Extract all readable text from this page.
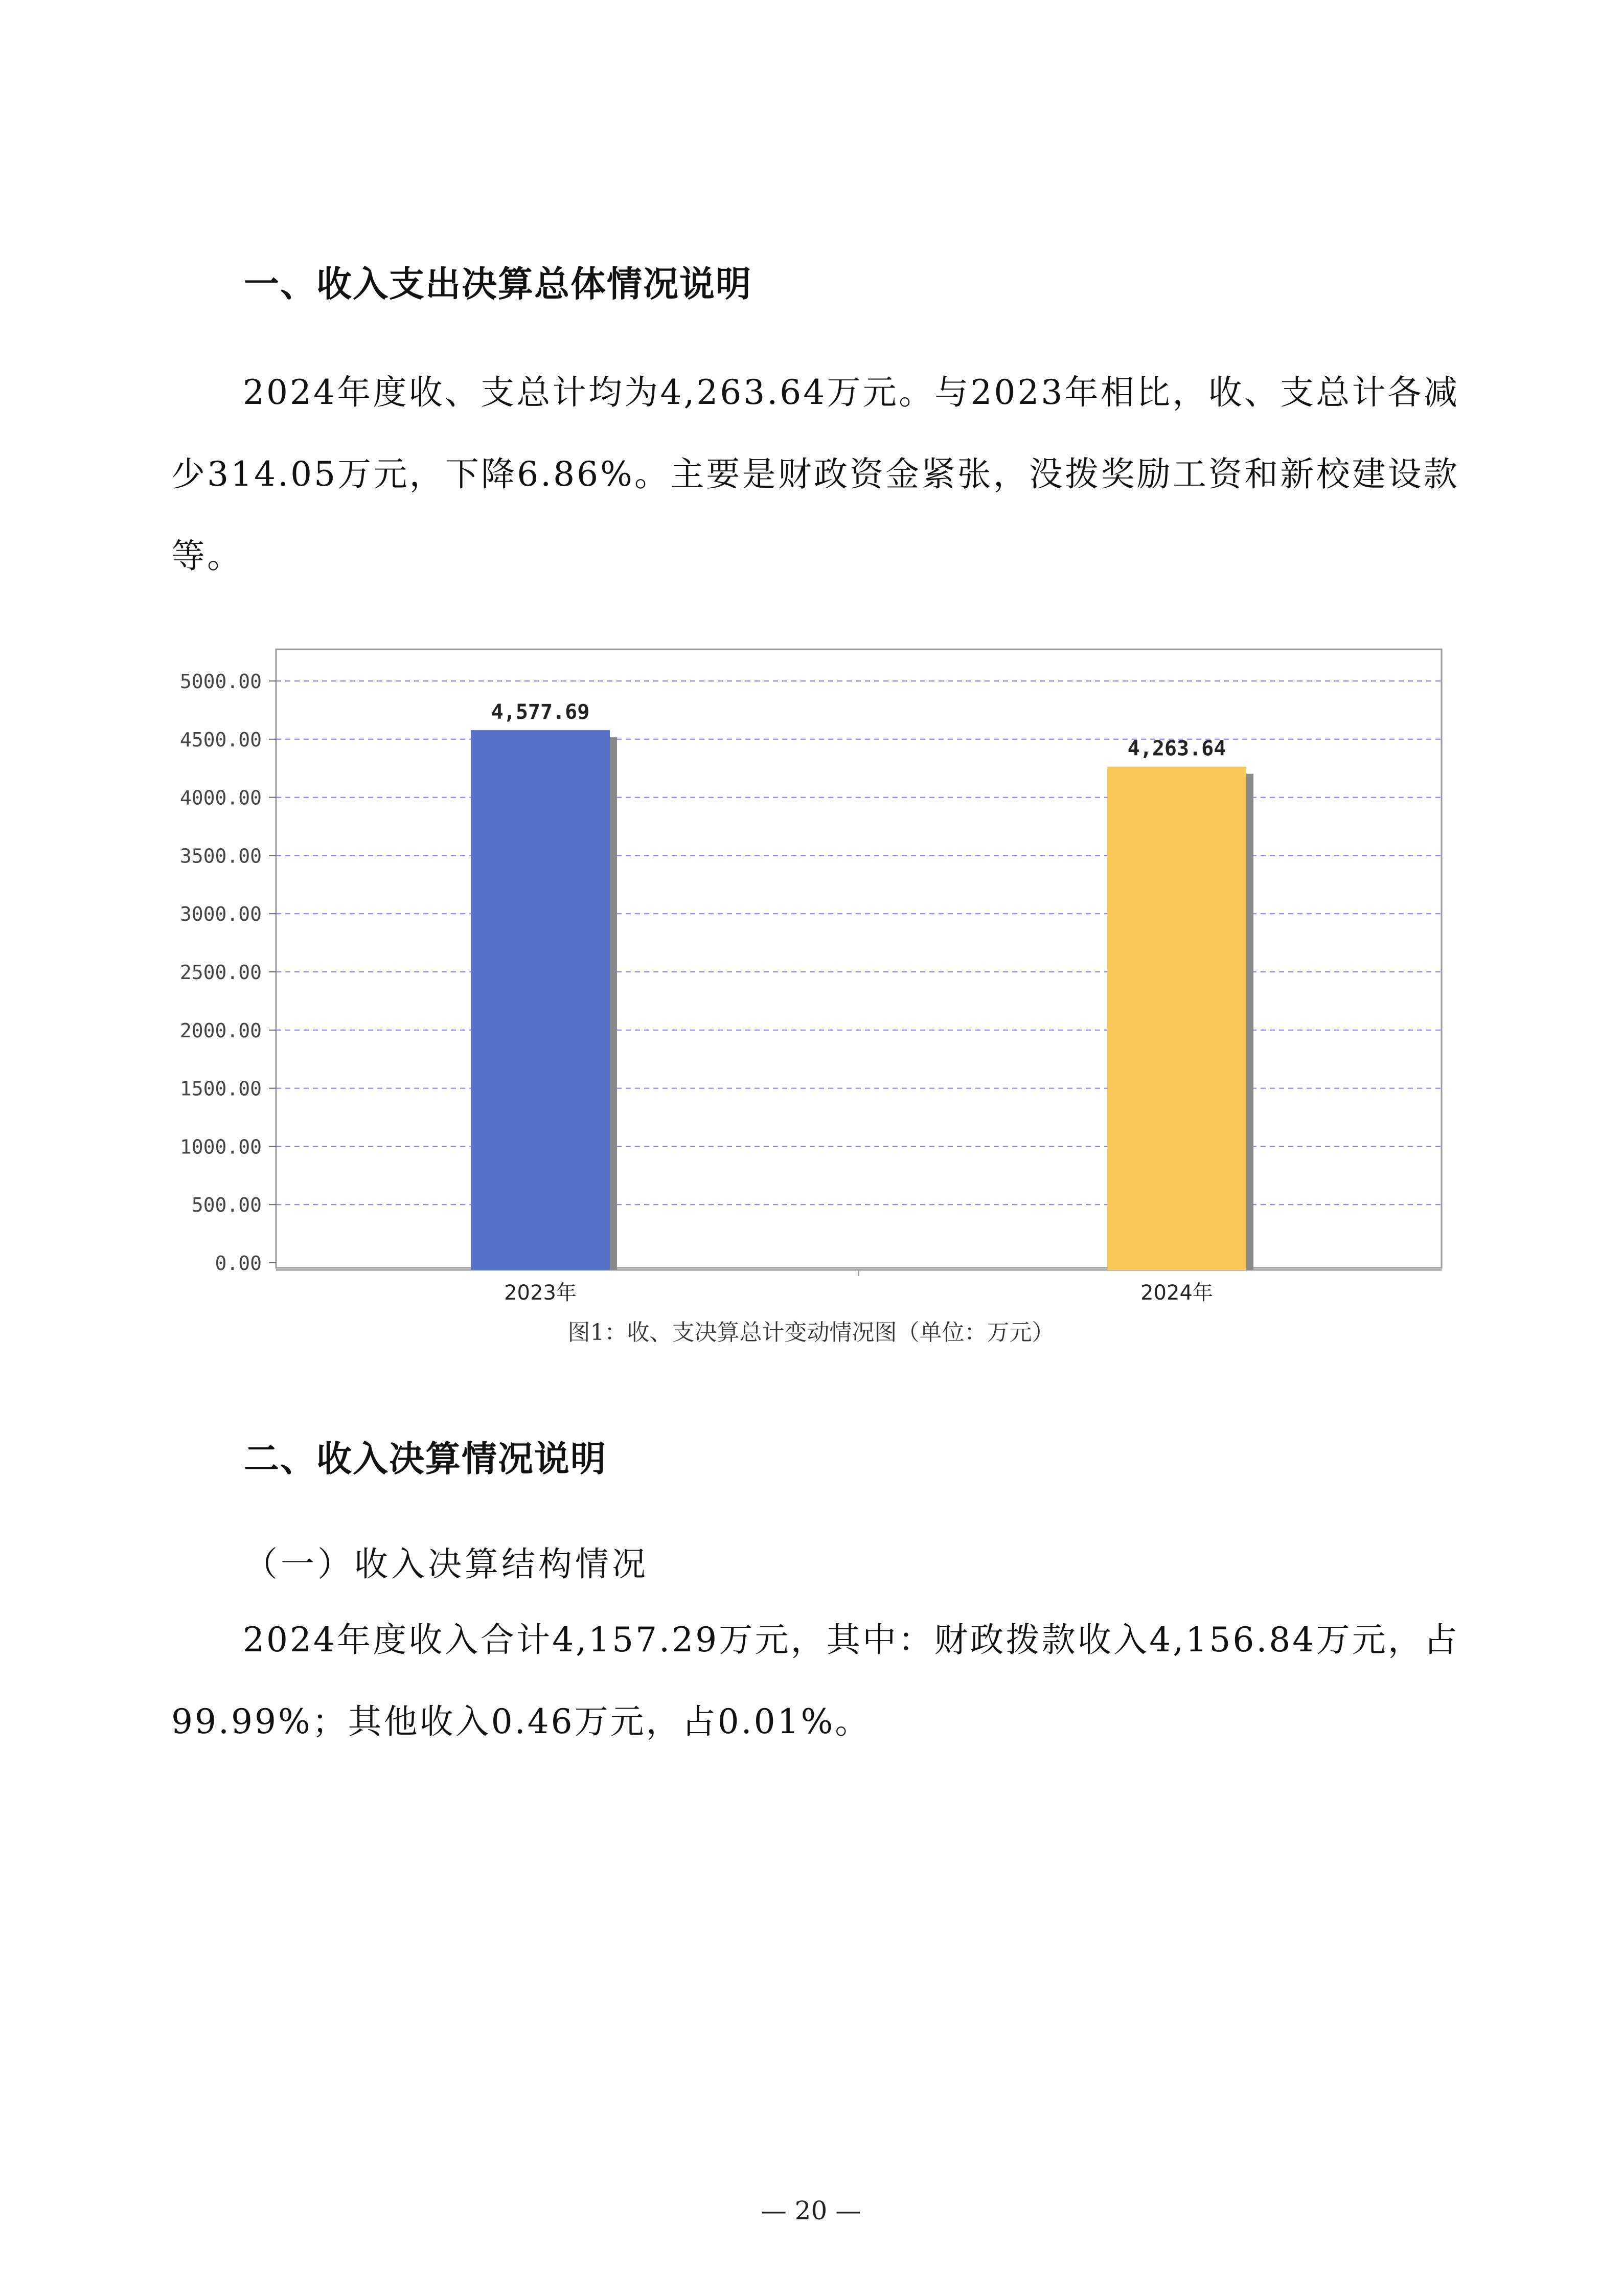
一、收入支出决算总体情况说明

2024年度收、支总计均为4,263.64万元。与2023年相比，收、支总计各减少314.05万元，下降6.86%。主要是财政资金紧张，没拨奖励工资和新校建设款等。

0.00
500.00
1000.00
1500.00
2000.00
2500.00
3000.00
3500.00
4000.00
4500.00
5000.00
4,577.69
4,263.64
2023年	2024年
图1：收、支决算总计变动情况图（单位：万元）
二、收入决算情况说明
（一）收入决算结构情况

2024年度收入合计4,157.29万元，其中：财政拨款收入4,156.84万元，占99.99%；其他收入0.46万元，占0.01%。

— 20 —
